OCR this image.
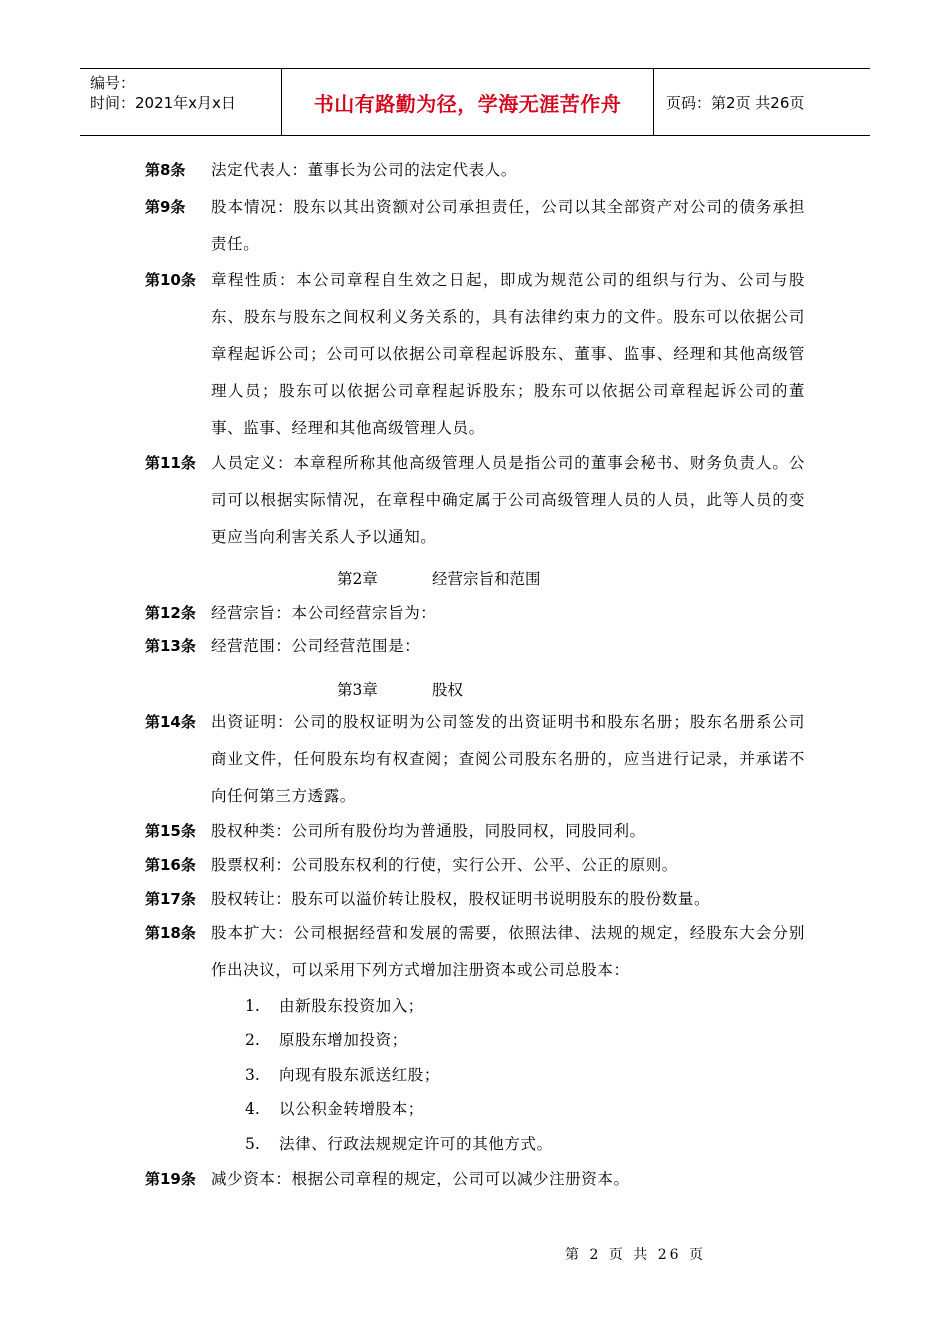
编号：
时间：2021年x月x日	书山有路勤为径，学海无涯苦作舟	页码：第2页 共26页
第8条	法定代表人：董事长为公司的法定代表人。
第9条	股本情况：股东以其出资额对公司承担责任，公司以其全部资产对公司的债务承担责任。
第10条 章程性质：本公司章程自生效之日起，即成为规范公司的组织与行为、公司与股东、股东与股东之间权利义务关系的，具有法律约束力的文件。股东可以依据公司章程起诉公司；公司可以依据公司章程起诉股东、董事、监事、经理和其他高级管理人员；股东可以依据公司章程起诉股东；股东可以依据公司章程起诉公司的董事、监事、经理和其他高级管理人员。
第11条 人员定义：本章程所称其他高级管理人员是指公司的董事会秘书、财务负责人。公司可以根据实际情况，在章程中确定属于公司高级管理人员的人员，此等人员的变更应当向利害关系人予以通知。
第2章	经营宗旨和范围
第12条 经营宗旨：本公司经营宗旨为：
第13条 经营范围：公司经营范围是：
第3章	股权
第14条 出资证明：公司的股权证明为公司签发的出资证明书和股东名册；股东名册系公司商业文件，任何股东均有权查阅；查阅公司股东名册的，应当进行记录，并承诺不向任何第三方透露。
第15条 股权种类：公司所有股份均为普通股，同股同权，同股同利。
第16条 股票权利：公司股东权利的行使，实行公开、公平、公正的原则。
第17条 股权转让：股东可以溢价转让股权，股权证明书说明股东的股份数量。
第18条 股本扩大：公司根据经营和发展的需要，依照法律、法规的规定，经股东大会分别作出决议，可以采用下列方式增加注册资本或公司总股本：
1. 由新股东投资加入；
2. 原股东增加投资；
3. 向现有股东派送红股；
4. 以公积金转增股本；
5. 法律、行政法规规定许可的其他方式。
第19条 减少资本：根据公司章程的规定，公司可以减少注册资本。
第 2 页 共 26 页
